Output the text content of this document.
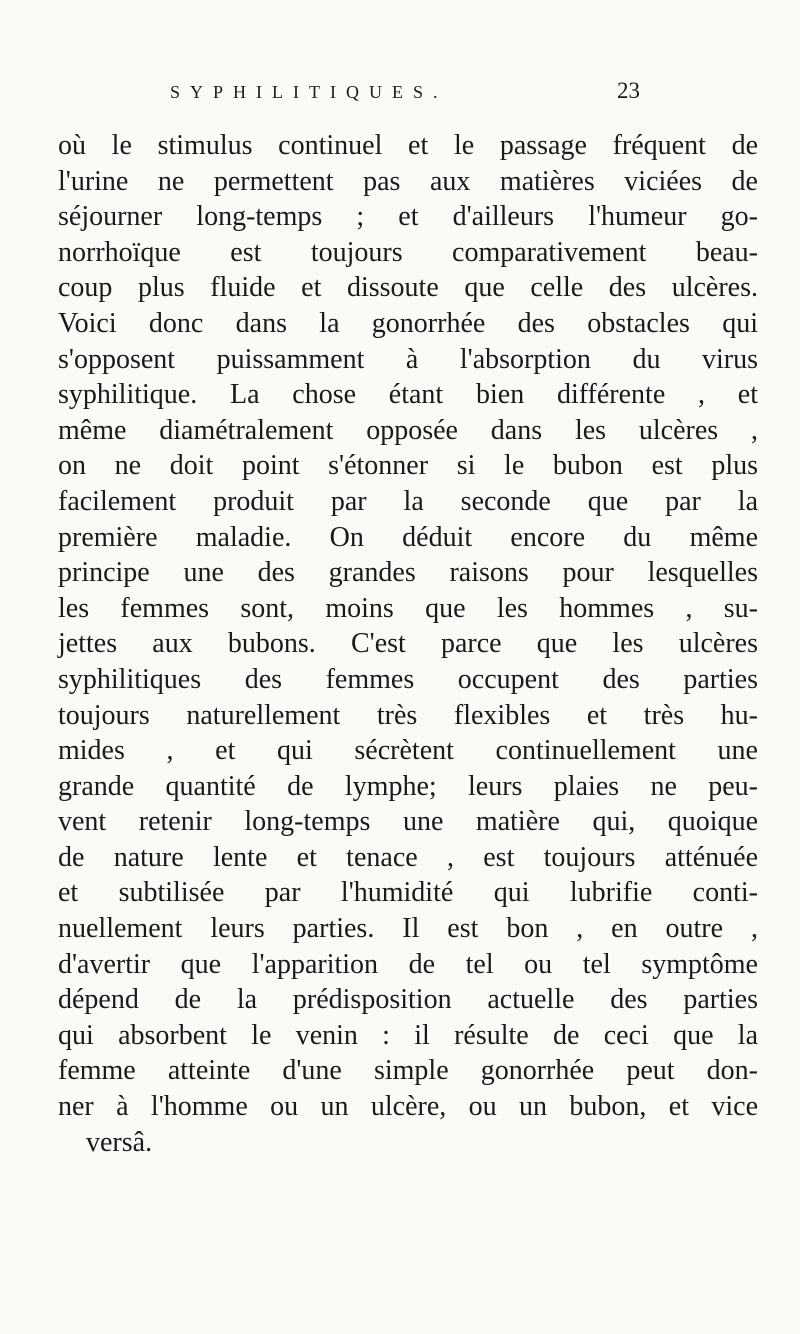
SYPHILITIQUES.	23
où le stimulus continuel et le passage fréquent de
l'urine ne permettent pas aux matières viciées de
séjourner long-temps ; et d'ailleurs l'humeur go-
norrhoïque est toujours comparativement beau-
coup plus fluide et dissoute que celle des ulcères.
Voici donc dans la gonorrhée des obstacles qui
s'opposent puissamment à l'absorption du virus
syphilitique. La chose étant bien différente , et
même diamétralement opposée dans les ulcères ,
on ne doit point s'étonner si le bubon est plus
facilement produit par la seconde que par la
première maladie. On déduit encore du même
principe une des grandes raisons pour lesquelles
les femmes sont, moins que les hommes , su-
jettes aux bubons. C'est parce que les ulcères
syphilitiques des femmes occupent des parties
toujours naturellement très flexibles et très hu-
mides , et qui sécrètent continuellement une
grande quantité de lymphe; leurs plaies ne peu-
vent retenir long-temps une matière qui, quoique
de nature lente et tenace , est toujours atténuée
et subtilisée par l'humidité qui lubrifie conti-
nuellement leurs parties. Il est bon , en outre ,
d'avertir que l'apparition de tel ou tel symptôme
dépend de la prédisposition actuelle des parties
qui absorbent le venin : il résulte de ceci que la
femme atteinte d'une simple gonorrhée peut don-
ner à l'homme ou un ulcère, ou un bubon, et vice
versâ.
